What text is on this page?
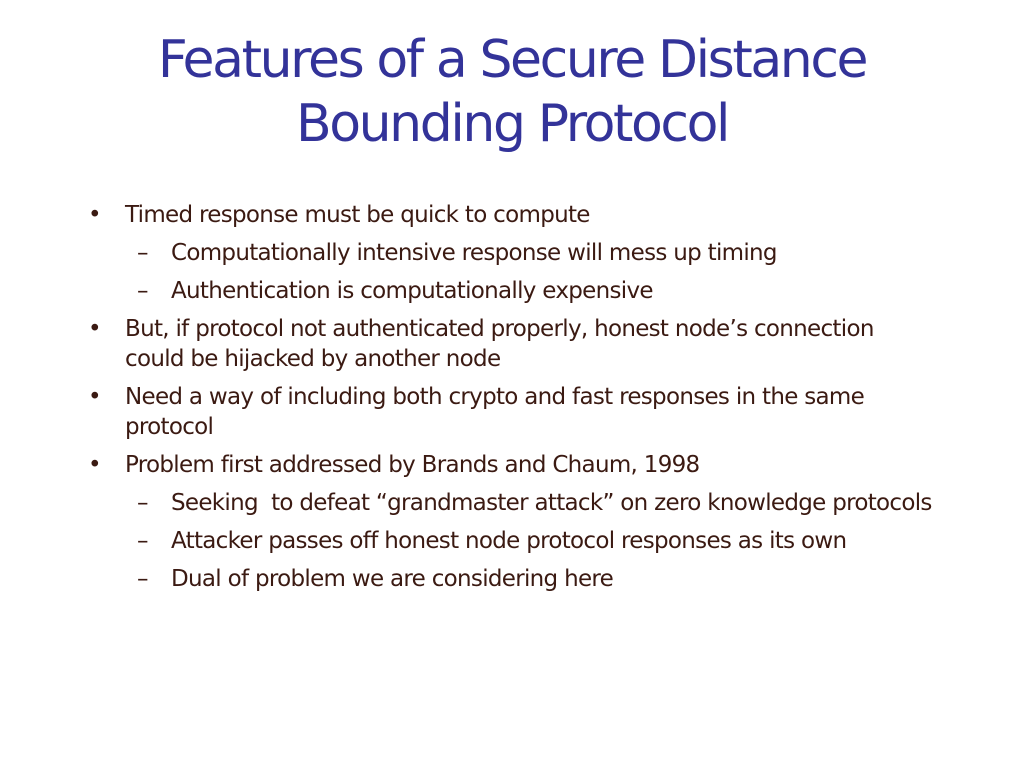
Features of a Secure Distance Bounding Protocol
• Timed response must be quick to compute
– Computationally intensive response will mess up timing
– Authentication is computationally expensive
• But, if protocol not authenticated properly, honest node’s connection could be hijacked by another node
• Need a way of including both crypto and fast responses in the same protocol
• Problem first addressed by Brands and Chaum, 1998
– Seeking  to defeat “grandmaster attack” on zero knowledge protocols
– Attacker passes off honest node protocol responses as its own
– Dual of problem we are considering here
